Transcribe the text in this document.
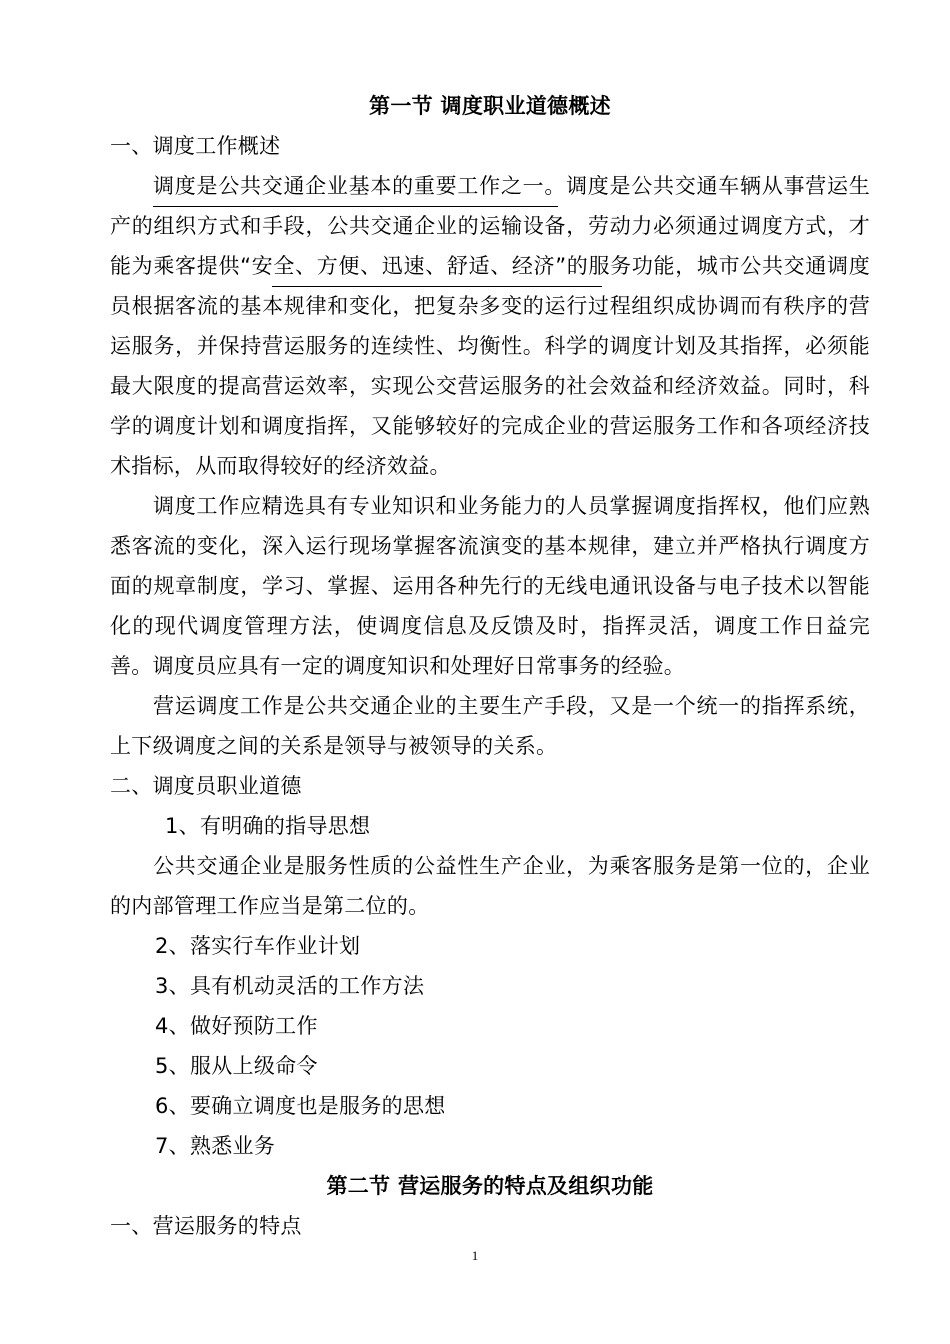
第一节 调度职业道德概述
一、调度工作概述
调度是公共交通企业基本的重要工作之一。调度是公共交通车辆从事营运生产的组织方式和手段，公共交通企业的运输设备，劳动力必须通过调度方式，才能为乘客提供“安全、方便、迅速、舒适、经济”的服务功能，城市公共交通调度员根据客流的基本规律和变化，把复杂多变的运行过程组织成协调而有秩序的营运服务，并保持营运服务的连续性、均衡性。科学的调度计划及其指挥，必须能最大限度的提高营运效率，实现公交营运服务的社会效益和经济效益。同时，科学的调度计划和调度指挥，又能够较好的完成企业的营运服务工作和各项经济技术指标，从而取得较好的经济效益。
调度工作应精选具有专业知识和业务能力的人员掌握调度指挥权，他们应熟悉客流的变化，深入运行现场掌握客流演变的基本规律，建立并严格执行调度方面的规章制度，学习、掌握、运用各种先行的无线电通讯设备与电子技术以智能化的现代调度管理方法，使调度信息及反馈及时，指挥灵活，调度工作日益完善。调度员应具有一定的调度知识和处理好日常事务的经验。
营运调度工作是公共交通企业的主要生产手段，又是一个统一的指挥系统，上下级调度之间的关系是领导与被领导的关系。
二、调度员职业道德
1、有明确的指导思想
公共交通企业是服务性质的公益性生产企业，为乘客服务是第一位的，企业的内部管理工作应当是第二位的。
2、落实行车作业计划
3、具有机动灵活的工作方法
4、做好预防工作
5、服从上级命令
6、要确立调度也是服务的思想
7、熟悉业务
第二节 营运服务的特点及组织功能
一、营运服务的特点
1
